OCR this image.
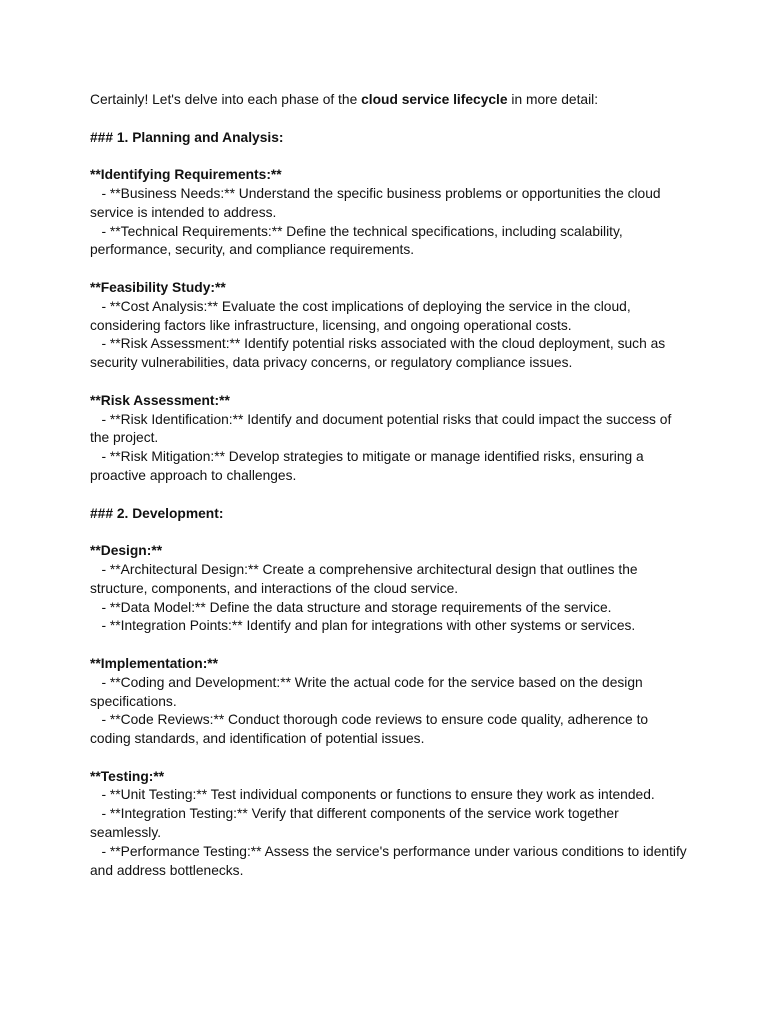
Certainly! Let's delve into each phase of the cloud service lifecycle in more detail:
### 1. Planning and Analysis:
**Identifying Requirements:**
- **Business Needs:** Understand the specific business problems or opportunities the cloud service is intended to address.
- **Technical Requirements:** Define the technical specifications, including scalability, performance, security, and compliance requirements.
**Feasibility Study:**
- **Cost Analysis:** Evaluate the cost implications of deploying the service in the cloud, considering factors like infrastructure, licensing, and ongoing operational costs.
- **Risk Assessment:** Identify potential risks associated with the cloud deployment, such as security vulnerabilities, data privacy concerns, or regulatory compliance issues.
**Risk Assessment:**
- **Risk Identification:** Identify and document potential risks that could impact the success of the project.
- **Risk Mitigation:** Develop strategies to mitigate or manage identified risks, ensuring a proactive approach to challenges.
### 2. Development:
**Design:**
- **Architectural Design:** Create a comprehensive architectural design that outlines the structure, components, and interactions of the cloud service.
- **Data Model:** Define the data structure and storage requirements of the service.
- **Integration Points:** Identify and plan for integrations with other systems or services.
**Implementation:**
- **Coding and Development:** Write the actual code for the service based on the design specifications.
- **Code Reviews:** Conduct thorough code reviews to ensure code quality, adherence to coding standards, and identification of potential issues.
**Testing:**
- **Unit Testing:** Test individual components or functions to ensure they work as intended.
- **Integration Testing:** Verify that different components of the service work together seamlessly.
- **Performance Testing:** Assess the service's performance under various conditions to identify and address bottlenecks.
